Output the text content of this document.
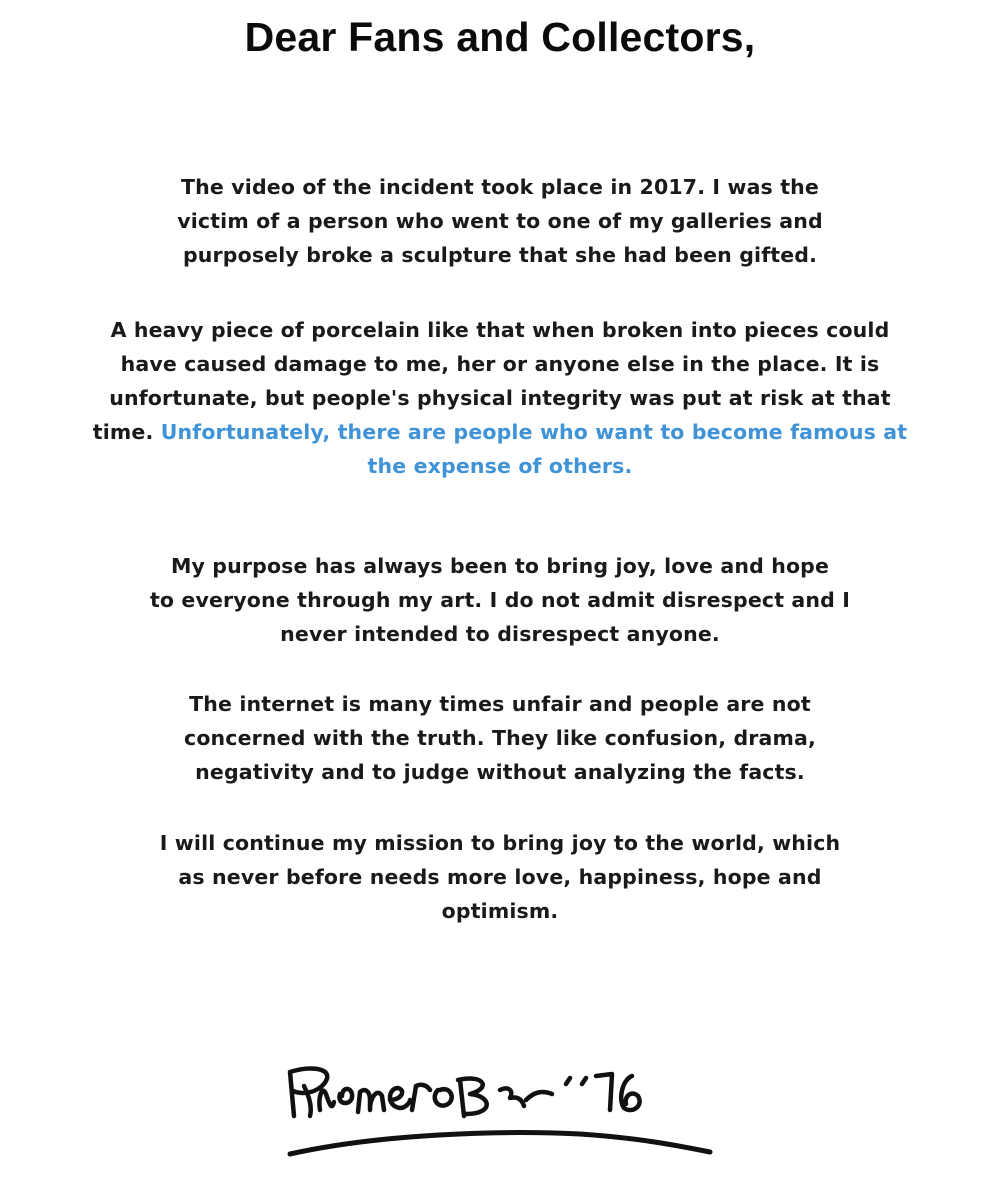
Dear Fans and Collectors,

The video of the incident took place in 2017. I was the
victim of a person who went to one of my galleries and
purposely broke a sculpture that she had been gifted.

A heavy piece of porcelain like that when broken into pieces could have caused damage to me, her or anyone else in the place. It is unfortunate, but people's physical integrity was put at risk at that time. Unfortunately, there are people who want to become famous at the expense of others.

My purpose has always been to bring joy, love and hope
to everyone through my art. I do not admit disrespect and I
never intended to disrespect anyone.

The internet is many times unfair and people are not
concerned with the truth. They like confusion, drama,
negativity and to judge without analyzing the facts.

I will continue my mission to bring joy to the world, which
as never before needs more love, happiness, hope and
optimism.
